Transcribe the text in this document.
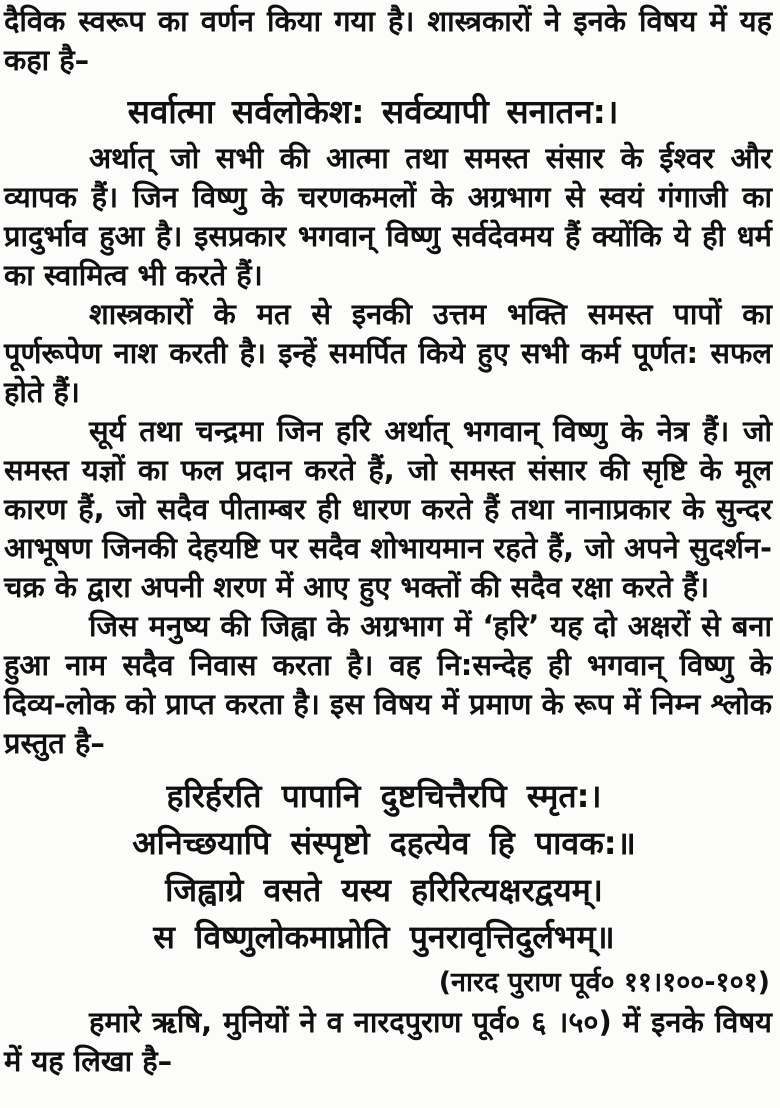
दैविक स्वरूप का वर्णन किया गया है। शास्त्रकारों ने इनके विषय में यह कहा है–

सर्वात्मा सर्वलोकेश: सर्वव्यापी सनातन:।

अर्थात् जो सभी की आत्मा तथा समस्त संसार के ईश्वर और व्यापक हैं। जिन विष्णु के चरणकमलों के अग्रभाग से स्वयं गंगाजी का प्रादुर्भाव हुआ है। इसप्रकार भगवान् विष्णु सर्वदेवमय हैं क्योंकि ये ही धर्म का स्वामित्व भी करते हैं।

शास्त्रकारों के मत से इनकी उत्तम भक्ति समस्त पापों का पूर्णरूपेण नाश करती है। इन्हें समर्पित किये हुए सभी कर्म पूर्णत: सफल होते हैं।

सूर्य तथा चन्द्रमा जिन हरि अर्थात् भगवान् विष्णु के नेत्र हैं। जो समस्त यज्ञों का फल प्रदान करते हैं, जो समस्त संसार की सृष्टि के मूल कारण हैं, जो सदैव पीताम्बर ही धारण करते हैं तथा नानाप्रकार के सुन्दर आभूषण जिनकी देहयष्टि पर सदैव शोभायमान रहते हैं, जो अपने सुदर्शन-चक्र के द्वारा अपनी शरण में आए हुए भक्तों की सदैव रक्षा करते हैं।

जिस मनुष्य की जिह्वा के अग्रभाग में ‘हरि’ यह दो अक्षरों से बना हुआ नाम सदैव निवास करता है। वह नि:सन्देह ही भगवान् विष्णु के दिव्य-लोक को प्राप्त करता है। इस विषय में प्रमाण के रूप में निम्न श्लोक प्रस्तुत है–

हरिर्हरति पापानि दुष्टचित्तैरपि स्मृत:।
अनिच्छयापि संस्पृष्टो दहत्येव हि पावक:॥
जिह्वाग्रे वसते यस्य हरिरित्यक्षरद्वयम्।
स विष्णुलोकमाप्नोति पुनरावृत्तिदुर्लभम्॥
(नारद पुराण पूर्व० ११।१००-१०१)

हमारे ऋषि, मुनियों ने व नारदपुराण पूर्व० ६ ।५०) में इनके विषय में यह लिखा है–
